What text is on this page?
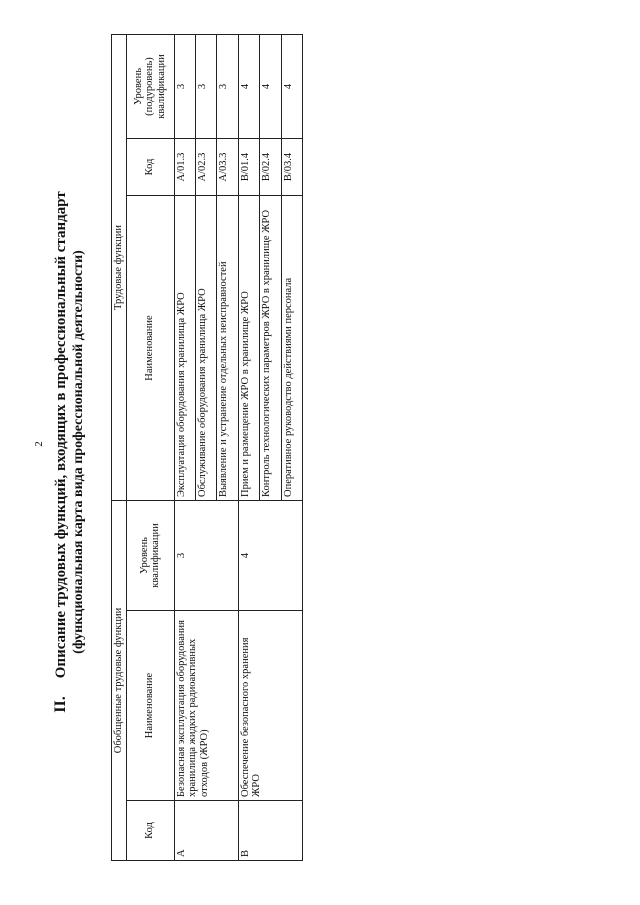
2
II.Описание трудовых функций, входящих в профессиональный стандарт (функциональная карта вида профессиональной деятельности)
Обобщенные трудовые функции			Трудовые функции		
Код	Наименование	Уровень квалификации	Наименование	Код	Уровень (подуровень) квалификации
A	Безопасная эксплуатация оборудования хранилища жидких радиоактивных отходов (ЖРО)	3	Эксплуатация оборудования хранилища ЖРО	A/01.3	3
			Обслуживание оборудования хранилища ЖРО	A/02.3	3
			Выявление и устранение отдельных неисправностей	A/03.3	3
B	Обеспечение безопасного хранения ЖРО	4	Прием и размещение ЖРО в хранилище ЖРО	B/01.4	4
			Контроль технологических параметров ЖРО в хранилище ЖРО	B/02.4	4
			Оперативное руководство действиями персонала	B/03.4	4
